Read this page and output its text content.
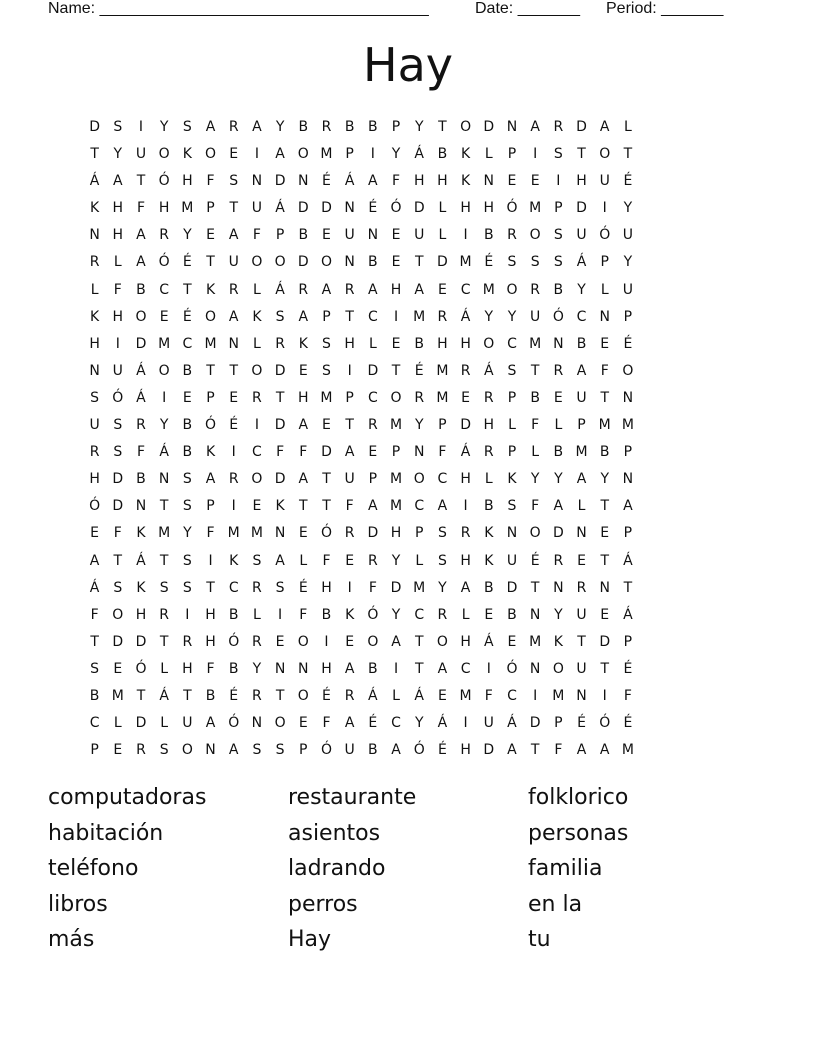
Name: _____________________________________	Date: _______ Period: _______
Hay
D S	I	Y	S A R A	Y	B R B B	P	Y	T O D N A R D A	L
T	Y U O K O E	I	A O M P	I	Y	Á B K	L	P	I	S	T O T
Á A	T Ó H F	S N D N É Á A	F H H K N E	E	I	H U É
K H F H M P	T U Á D D N É Ó D L	H H Ó M P D	I	Y
N H A R	Y	E A	F	P	B E U N E U	L	I	B R O S U Ó U
R	L	A Ó É	T U O O D O N B E	T D M É	S	S	S Á	P	Y
L	F	B C	T	K R	L	Á R A R A H A E C M O R B	Y	L	U
K H O E	É O A K	S A	P	T	C	I	M R Á	Y	Y U Ó C N P
H	I	D M C M N	L	R K	S H	L	E B H H O C M N B E	É
N U Á O B	T	T O D E	S	I	D T	É M R Á S	T	R A	F O
S Ó Á	I	E	P	E R	T H M P	C O R M E R	P	B E U T N
U S R	Y	B Ó É	I	D A E	T	R M Y	P D H	L	F	L	P M M
R S	F	Á B K	I	C	F	F D A E	P N F	Á R	P	L	B M B	P
H D B N S A R O D A	T U P M O C H	L	K	Y	Y	A	Y N
Ó D N T	S	P	I	E	K	T	T	F	A M C A	I	B S	F	A	L	T	A
E	F	K M Y	F M M N E Ó R D H P	S R K N O D N E	P
A	T	Á	T	S	I	K	S A	L	F	E R	Y	L	S H K U É R E	T	Á
Á S	K	S	S	T	C R S	É H	I	F D M Y	A B D T N R N T
F O H R	I	H B	L	I	F	B K Ó Y	C R	L	E B N Y U E Á
T D D T	R H Ó R E O	I	E O A	T O H Á E M K	T D P
S	E Ó L	H F	B	Y N N H A B	I	T	A C	I	Ó N O U T	É
B M T	Á	T	B É R	T O É R Á	L	Á E M F	C	I	M N	I	F
C	L D L	U A Ó N O E	F	A É C	Y	Á	I	U Á D P	É Ó É
P	E R S O N A S	S	P Ó U B A Ó É H D A	T	F	A A M
computadoras
habitación
teléfono
libros
más
restaurante
asientos
ladrando
perros
Hay
folklorico
personas
familia
en la
tu
